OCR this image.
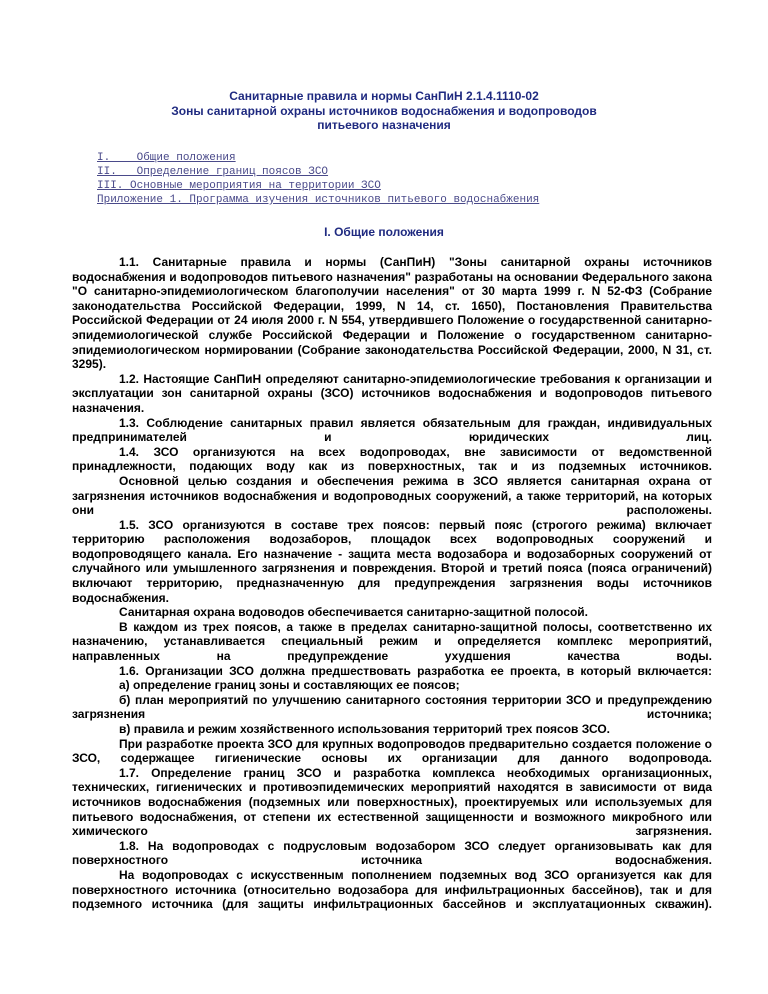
Санитарные правила и нормы СанПиН 2.1.4.1110-02
Зоны санитарной охраны источников водоснабжения и водопроводов
питьевого назначения
I.    Общие положения
II.   Определение границ поясов ЗСО
III. Основные мероприятия на территории ЗСО
Приложение 1. Программа изучения источников питьевого водоснабжения
I. Общие положения

1.1. Санитарные правила и нормы (СанПиН) "Зоны санитарной охраны источников водоснабжения и водопроводов питьевого назначения" разработаны на основании Федерального закона "О санитарно-эпидемиологическом благополучии населения" от 30 марта 1999 г. N 52-ФЗ (Собрание законодательства Российской Федерации, 1999, N 14, ст. 1650), Постановления Правительства Российской Федерации от 24 июля 2000 г. N 554, утвердившего Положение о государственной санитарно-эпидемиологической службе Российской Федерации и Положение о государственном санитарно-эпидемиологическом нормировании (Собрание законодательства Российской Федерации, 2000, N 31, ст. 3295).

1.2. Настоящие СанПиН определяют санитарно-эпидемиологические требования к организации и эксплуатации зон санитарной охраны (ЗСО) источников водоснабжения и водопроводов питьевого назначения.

1.3. Соблюдение санитарных правил является обязательным для граждан, индивидуальных предпринимателей и юридических лиц.

1.4. ЗСО организуются на всех водопроводах, вне зависимости от ведомственной принадлежности, подающих воду как из поверхностных, так и из подземных источников.

Основной целью создания и обеспечения режима в ЗСО является санитарная охрана от загрязнения источников водоснабжения и водопроводных сооружений, а также территорий, на которых они расположены.

1.5. ЗСО организуются в составе трех поясов: первый пояс (строгого режима) включает территорию расположения водозаборов, площадок всех водопроводных сооружений и водопроводящего канала. Его назначение - защита места водозабора и водозаборных сооружений от случайного или умышленного загрязнения и повреждения. Второй и третий пояса (пояса ограничений) включают территорию, предназначенную для предупреждения загрязнения воды источников водоснабжения.

Санитарная охрана водоводов обеспечивается санитарно-защитной полосой.

В каждом из трех поясов, а также в пределах санитарно-защитной полосы, соответственно их назначению, устанавливается специальный режим и определяется комплекс мероприятий, направленных на предупреждение ухудшения качества воды.

1.6. Организации ЗСО должна предшествовать разработка ее проекта, в который включается:

а) определение границ зоны и составляющих ее поясов;

б) план мероприятий по улучшению санитарного состояния территории ЗСО и предупреждению загрязнения источника;

в) правила и режим хозяйственного использования территорий трех поясов ЗСО.

При разработке проекта ЗСО для крупных водопроводов предварительно создается положение о ЗСО, содержащее гигиенические основы их организации для данного водопровода.

1.7. Определение границ ЗСО и разработка комплекса необходимых организационных, технических, гигиенических и противоэпидемических мероприятий находятся в зависимости от вида источников водоснабжения (подземных или поверхностных), проектируемых или используемых для питьевого водоснабжения, от степени их естественной защищенности и возможного микробного или химического загрязнения.

1.8. На водопроводах с подрусловым водозабором ЗСО следует организовывать как для поверхностного источника водоснабжения.

На водопроводах с искусственным пополнением подземных вод ЗСО организуется как для поверхностного источника (относительно водозабора для инфильтрационных бассейнов), так и для подземного источника (для защиты инфильтрационных бассейнов и эксплуатационных скважин).
